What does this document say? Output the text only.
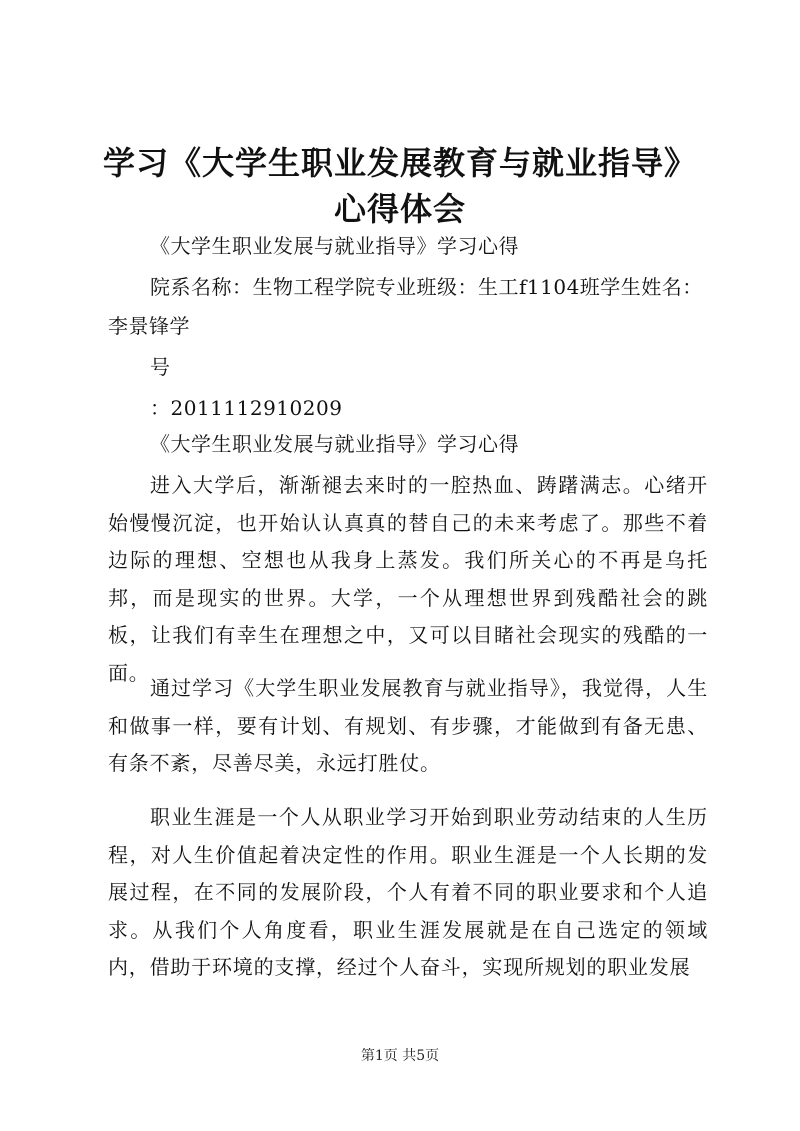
学习《大学生职业发展教育与就业指导》心得体会
《大学生职业发展与就业指导》学习心得
院系名称：生物工程学院专业班级：生工f1104班学生姓名：
李景锋学
号
：2011112910209
《大学生职业发展与就业指导》学习心得
进入大学后，渐渐褪去来时的一腔热血、踌躇满志。心绪开始慢慢沉淀，也开始认认真真的替自己的未来考虑了。那些不着边际的理想、空想也从我身上蒸发。我们所关心的不再是乌托邦，而是现实的世界。大学，一个从理想世界到残酷社会的跳板，让我们有幸生在理想之中，又可以目睹社会现实的残酷的一面。
通过学习《大学生职业发展教育与就业指导》，我觉得，人生和做事一样，要有计划、有规划、有步骤，才能做到有备无患、有条不紊，尽善尽美，永远打胜仗。
职业生涯是一个人从职业学习开始到职业劳动结束的人生历程，对人生价值起着决定性的作用。职业生涯是一个人长期的发展过程，在不同的发展阶段，个人有着不同的职业要求和个人追求。从我们个人角度看，职业生涯发展就是在自己选定的领域内，借助于环境的支撑，经过个人奋斗，实现所规划的职业发展
第1页 共5页
